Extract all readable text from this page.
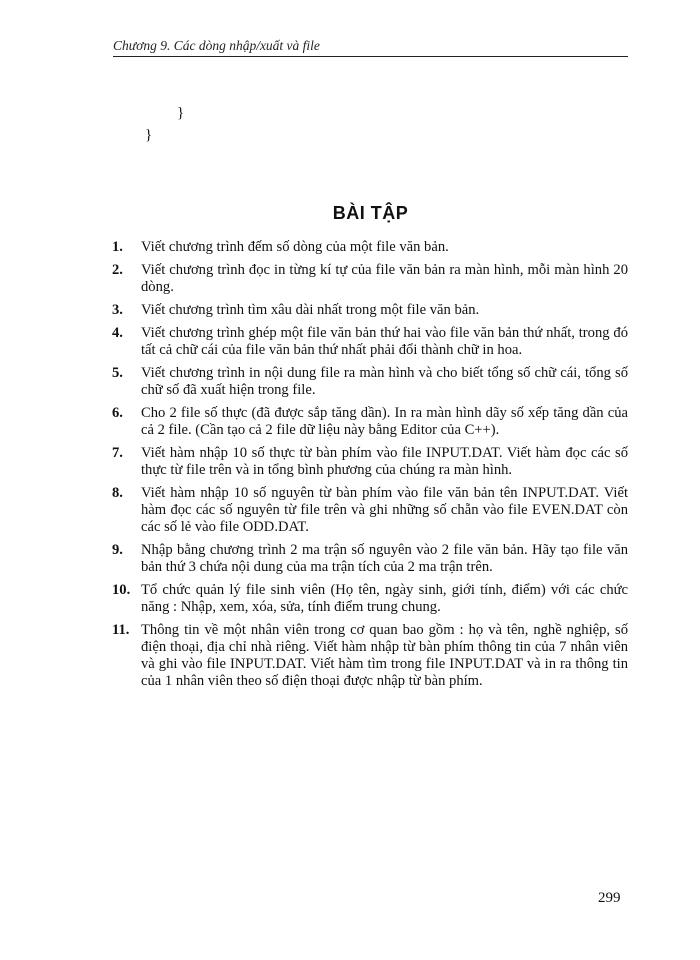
Chương 9. Các dòng nhập/xuất và file
}
}
BÀI TẬP
1. Viết chương trình đếm số dòng của một file văn bản.
2. Viết chương trình đọc in từng kí tự của file văn bản ra màn hình, mỗi màn hình 20 dòng.
3. Viết chương trình tìm xâu dài nhất trong một file văn bản.
4. Viết chương trình ghép một file văn bản thứ hai vào file văn bản thứ nhất, trong đó tất cả chữ cái của file văn bản thứ nhất phải đổi thành chữ in hoa.
5. Viết chương trình in nội dung file ra màn hình và cho biết tổng số chữ cái, tổng số chữ số đã xuất hiện trong file.
6. Cho 2 file số thực (đã được sắp tăng dần). In ra màn hình dãy số xếp tăng dần của cả 2 file. (Cần tạo cả 2 file dữ liệu này bằng Editor của C++).
7. Viết hàm nhập 10 số thực từ bàn phím vào file INPUT.DAT. Viết hàm đọc các số thực từ file trên và in tổng bình phương của chúng ra màn hình.
8. Viết hàm nhập 10 số nguyên từ bàn phím vào file văn bản tên INPUT.DAT. Viết hàm đọc các số nguyên từ file trên và ghi những số chẵn vào file EVEN.DAT còn các số lẻ vào file ODD.DAT.
9. Nhập bằng chương trình 2 ma trận số nguyên vào 2 file văn bản. Hãy tạo file văn bản thứ 3 chứa nội dung của ma trận tích của 2 ma trận trên.
10. Tổ chức quản lý file sinh viên (Họ tên, ngày sinh, giới tính, điểm) với các chức năng : Nhập, xem, xóa, sửa, tính điểm trung chung.
11. Thông tin về một nhân viên trong cơ quan bao gồm : họ và tên, nghề nghiệp, số điện thoại, địa chỉ nhà riêng. Viết hàm nhập từ bàn phím thông tin của 7 nhân viên và ghi vào file INPUT.DAT. Viết hàm tìm trong file INPUT.DAT và in ra thông tin của 1 nhân viên theo số điện thoại được nhập từ bàn phím.
299
